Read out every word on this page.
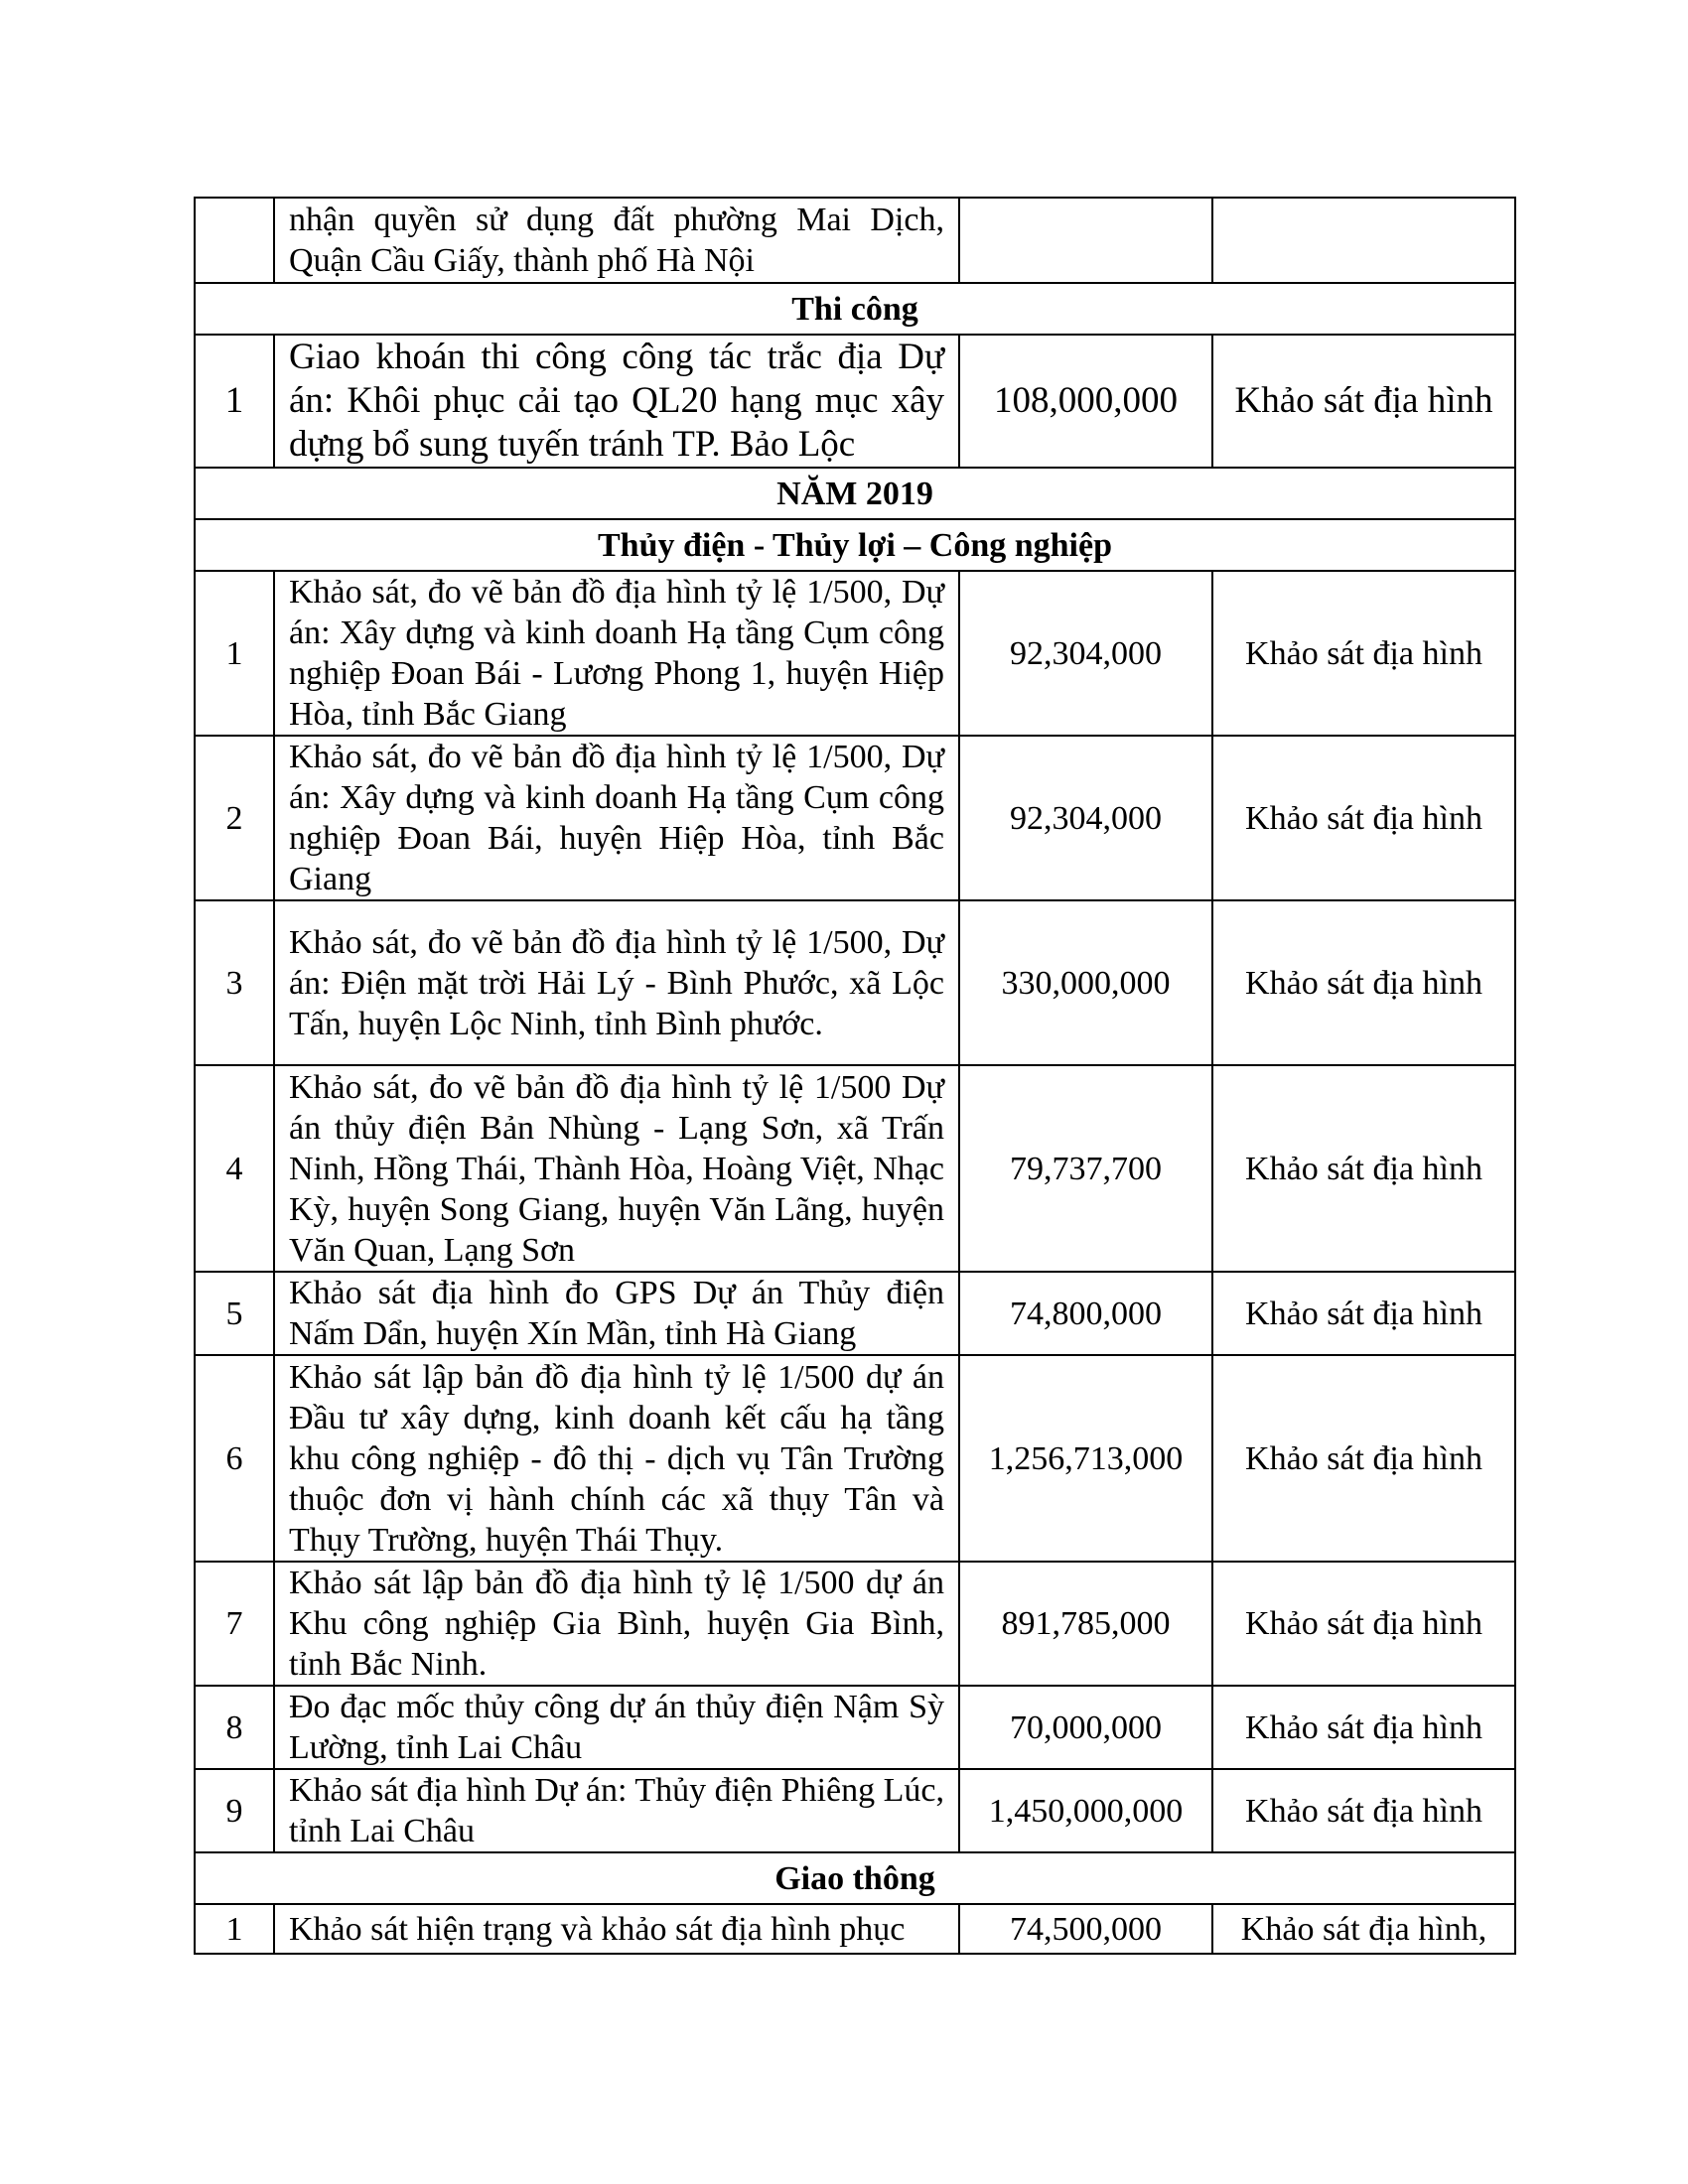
	nhận quyền sử dụng đất phường Mai Dịch, Quận Cầu Giấy, thành phố Hà Nội		
Thi công			
1	Giao khoán thi công công tác trắc địa Dự án: Khôi phục cải tạo QL20 hạng mục xây dựng bổ sung tuyến tránh TP. Bảo Lộc	108,000,000	Khảo sát địa hình
NĂM 2019			
Thủy điện - Thủy lợi – Công nghiệp			
1	Khảo sát, đo vẽ bản đồ địa hình tỷ lệ 1/500, Dự án: Xây dựng và kinh doanh Hạ tầng Cụm công nghiệp Đoan Bái - Lương Phong 1, huyện Hiệp Hòa, tỉnh Bắc Giang	92,304,000	Khảo sát địa hình
2	Khảo sát, đo vẽ bản đồ địa hình tỷ lệ 1/500, Dự án: Xây dựng và kinh doanh Hạ tầng Cụm công nghiệp Đoan Bái, huyện Hiệp Hòa, tỉnh Bắc Giang	92,304,000	Khảo sát địa hình
3	Khảo sát, đo vẽ bản đồ địa hình tỷ lệ 1/500, Dự án: Điện mặt trời Hải Lý - Bình Phước, xã Lộc Tấn, huyện Lộc Ninh, tỉnh Bình phước.	330,000,000	Khảo sát địa hình
4	Khảo sát, đo vẽ bản đồ địa hình tỷ lệ 1/500 Dự án thủy điện Bản Nhùng - Lạng Sơn, xã Trấn Ninh, Hồng Thái, Thành Hòa, Hoàng Việt, Nhạc Kỳ, huyện Song Giang, huyện Văn Lãng, huyện Văn Quan, Lạng Sơn	79,737,700	Khảo sát địa hình
5	Khảo sát địa hình đo GPS Dự án Thủy điện Nấm Dẩn, huyện Xín Mần, tỉnh Hà Giang	74,800,000	Khảo sát địa hình
6	Khảo sát lập bản đồ địa hình tỷ lệ 1/500 dự án Đầu tư xây dựng, kinh doanh kết cấu hạ tầng khu công nghiệp - đô thị - dịch vụ Tân Trường thuộc đơn vị hành chính các xã thụy Tân và Thụy Trường, huyện Thái Thụy.	1,256,713,000	Khảo sát địa hình
7	Khảo sát lập bản đồ địa hình tỷ lệ 1/500 dự án Khu công nghiệp Gia Bình, huyện Gia Bình, tỉnh Bắc Ninh.	891,785,000	Khảo sát địa hình
8	Đo đạc mốc thủy công dự án thủy điện Nậm Sỳ Lường, tỉnh Lai Châu	70,000,000	Khảo sát địa hình
9	Khảo sát địa hình Dự án: Thủy điện Phiêng Lúc, tỉnh Lai Châu	1,450,000,000	Khảo sát địa hình
Giao thông			
1	Khảo sát hiện trạng và khảo sát địa hình phục	74,500,000	Khảo sát địa hình,
